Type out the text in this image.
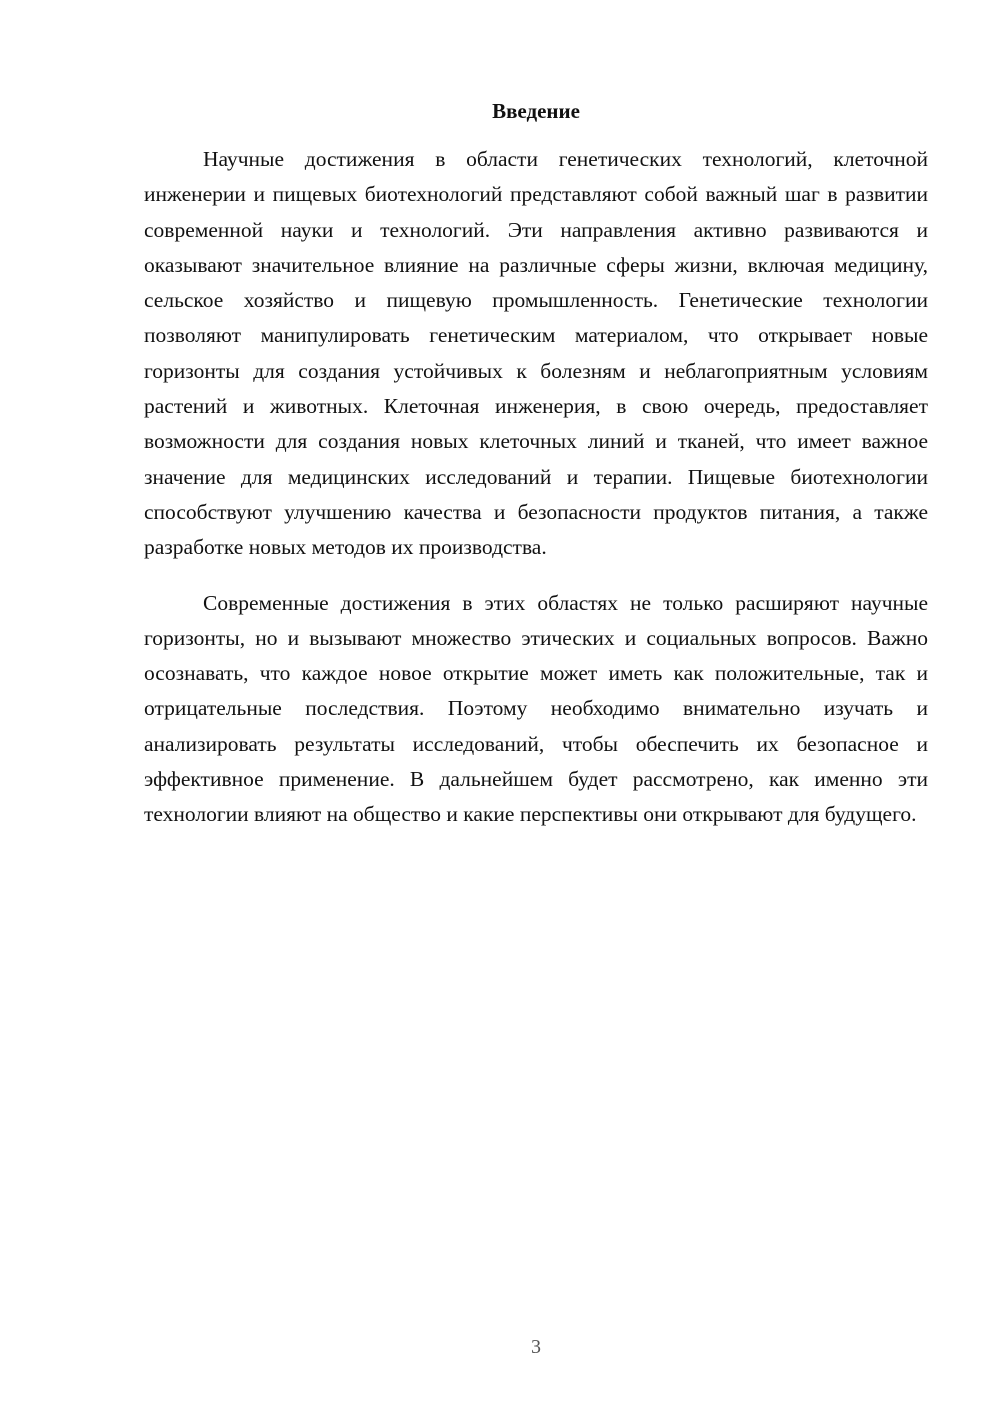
Введение

Научные достижения в области генетических технологий, клеточной инженерии и пищевых биотехнологий представляют собой важный шаг в развитии современной науки и технологий. Эти направления активно развиваются и оказывают значительное влияние на различные сферы жизни, включая медицину, сельское хозяйство и пищевую промышленность. Генетические технологии позволяют манипулировать генетическим материалом, что открывает новые горизонты для создания устойчивых к болезням и неблагоприятным условиям растений и животных. Клеточная инженерия, в свою очередь, предоставляет возможности для создания новых клеточных линий и тканей, что имеет важное значение для медицинских исследований и терапии. Пищевые биотехнологии способствуют улучшению качества и безопасности продуктов питания, а также разработке новых методов их производства.

Современные достижения в этих областях не только расширяют научные горизонты, но и вызывают множество этических и социальных вопросов. Важно осознавать, что каждое новое открытие может иметь как положительные, так и отрицательные последствия. Поэтому необходимо внимательно изучать и анализировать результаты исследований, чтобы обеспечить их безопасное и эффективное применение. В дальнейшем будет рассмотрено, как именно эти технологии влияют на общество и какие перспективы они открывают для будущего.

3
